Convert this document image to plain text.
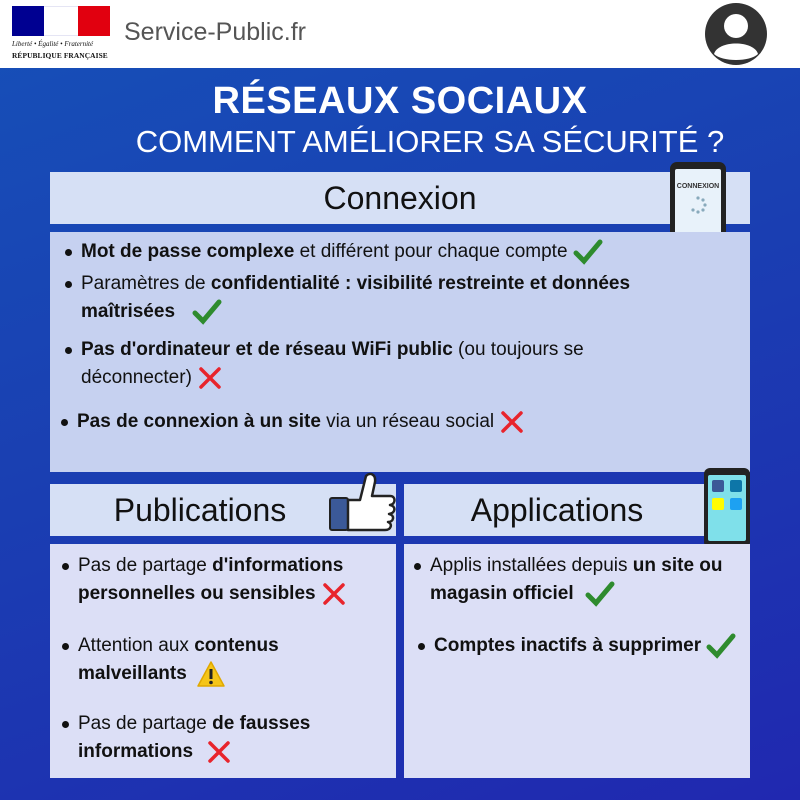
Liberté • Égalité • Fraternité
RÉPUBLIQUE FRANÇAISE
Service-Public.fr
RÉSEAUX SOCIAUX
COMMENT AMÉLIORER SA SÉCURITÉ ?
Connexion	CONNEXION
Mot de passe complexe et différent pour chaque compte
Paramètres de confidentialité : visibilité restreinte et données maîtrisées
Pas d'ordinateur et de réseau WiFi public (ou toujours se déconnecter)
Pas de connexion à un site via un réseau social
Publications	Applications
Pas de partage d'informations personnelles ou sensibles
Attention aux contenus malveillants
Pas de partage de fausses informations
Applis installées depuis un site ou magasin officiel
Comptes inactifs à supprimer
